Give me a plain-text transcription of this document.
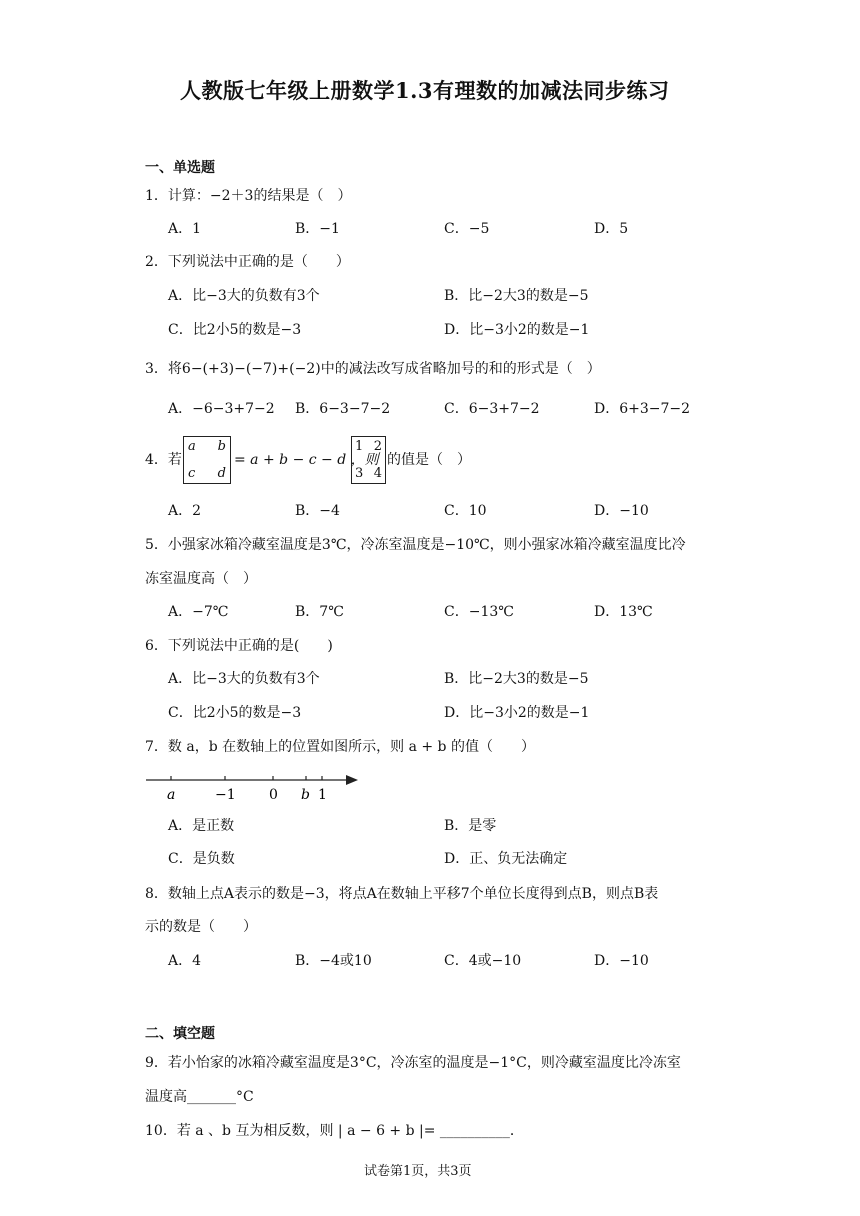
人教版七年级上册数学1.3有理数的加减法同步练习
一、单选题
1．计算：−2＋3的结果是（　）
A．1	B．−1	C．−5	D．5
2．下列说法中正确的是（　　）
A．比−3大的负数有3个	B．比−2大3的数是−5
C．比2小5的数是−3	D．比−3小2的数是−1
3．将6−(+3)−(−7)+(−2)中的减法改写成省略加号的和的形式是（　）
A．−6−3+7−2 B．6−3−7−2	C．6−3+7−2	D．6+3−7−2
4．若
a b
c d
= a + b − c − d ，则
1 2
3 4
的值是（　）
A．2	B．−4	C．10	D．−10
5．小强家冰箱冷藏室温度是3℃，冷冻室温度是−10℃，则小强家冰箱冷藏室温度比冷
冻室温度高（　）
A．−7℃	B．7℃	C．−13℃	D．13℃
6．下列说法中正确的是(　　)
A．比−3大的负数有3个	B．比−2大3的数是−5
C．比2小5的数是−3	D．比−3小2的数是−1
7．数 a，b 在数轴上的位置如图所示，则 a + b 的值（　　）
a	−1 0 b 1
A．是正数	B．是零
C．是负数	D．正、负无法确定
8．数轴上点A表示的数是−3，将点A在数轴上平移7个单位长度得到点B，则点B表
示的数是（　　）
A．4	B．−4或10	C．4或−10	D．−10
二、填空题
9．若小怡家的冰箱冷藏室温度是3°C，冷冻室的温度是−1°C，则冷藏室温度比冷冻室
温度高_______°C
10．若 a 、b 互为相反数，则 | a − 6 + b |= __________．
试卷第1页，共3页
